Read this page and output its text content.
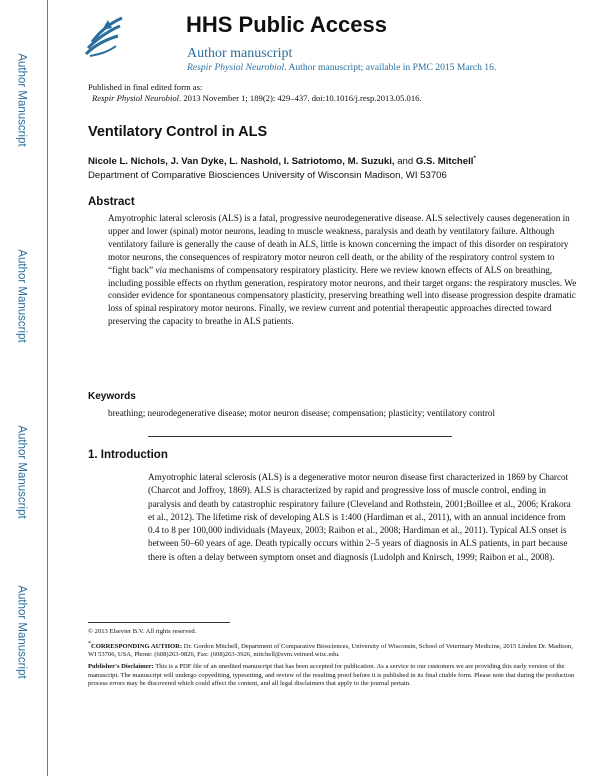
Author Manuscript
Author Manuscript
Author Manuscript
Author Manuscript
HHS Public Access
Author manuscript
Respir Physiol Neurobiol. Author manuscript; available in PMC 2015 March 16.
Published in final edited form as:
Respir Physiol Neurobiol. 2013 November 1; 189(2): 429–437. doi:10.1016/j.resp.2013.05.016.
Ventilatory Control in ALS
Nicole L. Nichols, J. Van Dyke, L. Nashold, I. Satriotomo, M. Suzuki, and G.S. Mitchell*
Department of Comparative Biosciences University of Wisconsin Madison, WI 53706
Abstract
Amyotrophic lateral sclerosis (ALS) is a fatal, progressive neurodegenerative disease. ALS selectively causes degeneration in upper and lower (spinal) motor neurons, leading to muscle weakness, paralysis and death by ventilatory failure. Although ventilatory failure is generally the cause of death in ALS, little is known concerning the impact of this disorder on respiratory motor neurons, the consequences of respiratory motor neuron cell death, or the ability of the respiratory control system to “fight back” via mechanisms of compensatory respiratory plasticity. Here we review known effects of ALS on breathing, including possible effects on rhythm generation, respiratory motor neurons, and their target organs: the respiratory muscles. We consider evidence for spontaneous compensatory plasticity, preserving breathing well into disease progression despite dramatic loss of spinal respiratory motor neurons. Finally, we review current and potential therapeutic approaches directed toward preserving the capacity to breathe in ALS patients.
Keywords
breathing; neurodegenerative disease; motor neuron disease; compensation; plasticity; ventilatory control
1. Introduction
Amyotrophic lateral sclerosis (ALS) is a degenerative motor neuron disease first characterized in 1869 by Charcot (Charcot and Joffroy, 1869). ALS is characterized by rapid and progressive loss of muscle control, ending in paralysis and death by catastrophic respiratory failure (Cleveland and Rothstein, 2001;Boillee et al., 2006; Krakora et al., 2012). The lifetime risk of developing ALS is 1:400 (Hardiman et al., 2011), with an annual incidence from 0.4 to 8 per 100,000 individuals (Mayeux, 2003; Raibon et al., 2008; Hardiman et al., 2011). Typical ALS onset is between 50–60 years of age. Death typically occurs within 2–5 years of diagnosis in ALS patients, in part because there is often a delay between symptom onset and diagnosis (Ludolph and Knirsch, 1999; Raibon et al., 2008).

© 2013 Elsevier B.V. All rights reserved.

*CORRESPONDING AUTHOR: Dr. Gordon Mitchell, Department of Comparative Biosciences, University of Wisconsin, School of Veterinary Medicine, 2015 Linden Dr. Madison, WI 53706, USA, Phone: (608)263-9826, Fax: (608)263-3926, mitchell@svm.vetmed.wisc.edu.

Publisher's Disclaimer: This is a PDF file of an unedited manuscript that has been accepted for publication. As a service to our customers we are providing this early version of the manuscript. The manuscript will undergo copyediting, typesetting, and review of the resulting proof before it is published in its final citable form. Please note that during the production process errors may be discovered which could affect the content, and all legal disclaimers that apply to the journal pertain.
